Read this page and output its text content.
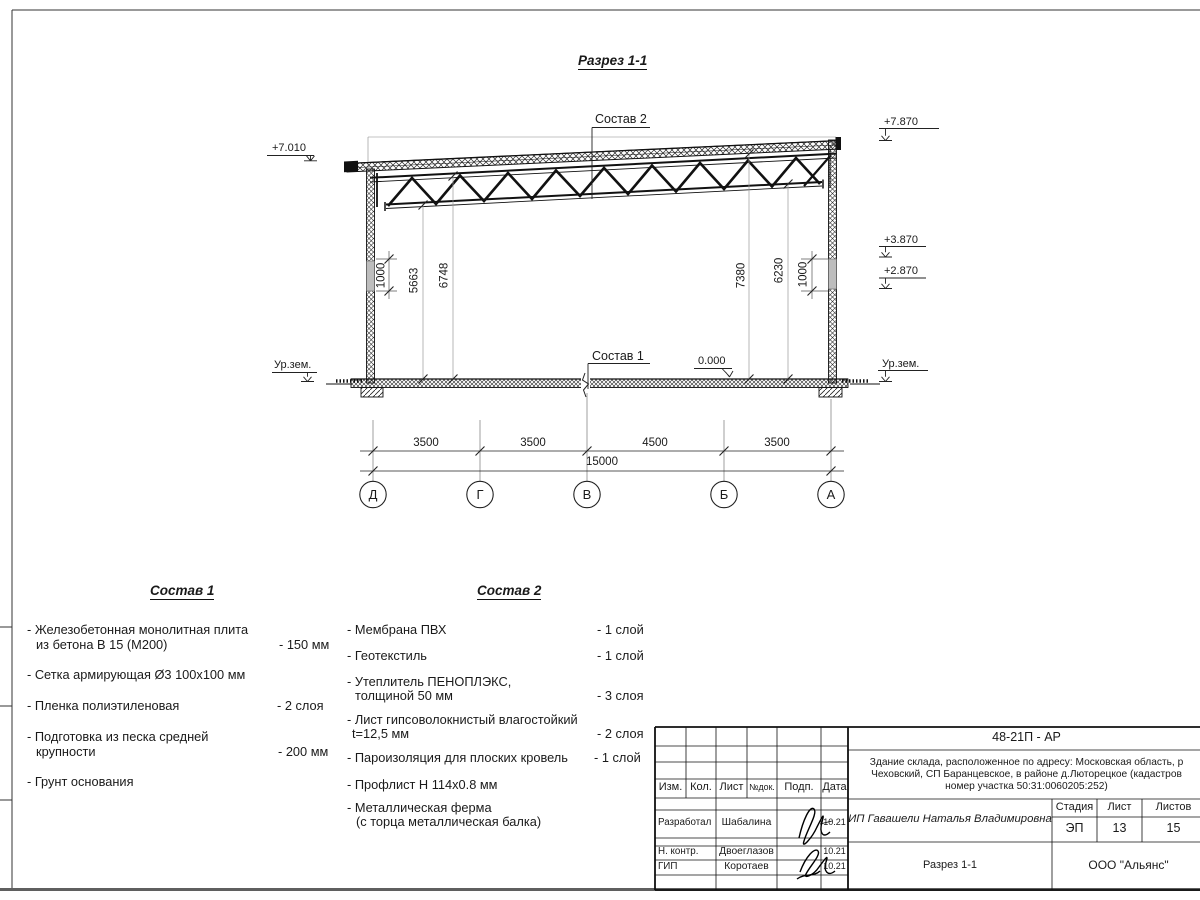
Разрез 1-1
Состав 2
Состав 1
+7.010
+7.870
+3.870
+2.870
Ур.зем.	Ур.зем.
0.000
1000 5663 6748	7380 6230 1000
3500	3500	4500	3500
15000
Д	Г	В	Б	А
Состав 1
- Железобетонная монолитная плита
из бетона В 15 (М200)	- 150 мм
- Сетка армирующая Ø3 100х100 мм
- Пленка полиэтиленовая	- 2 слоя
- Подготовка из песка средней
крупности	- 200 мм
- Грунт основания
Состав 2
- Мембрана ПВХ	- 1 слой
- Геотекстиль	- 1 слой
- Утеплитель ПЕНОПЛЭКС,
толщиной 50 мм	- 3 слоя
- Лист гипсоволокнистый влагостойкий
t=12,5 мм	- 2 слоя
- Пароизоляция для плоских кровель - 1 слой
- Профлист Н 114х0.8 мм
- Металлическая ферма
(с торца металлическая балка)
Изм. Кол. Лист №док. Подп. Дата
Разработал Шабалина	10.21
Н. контр.	Двоеглазов	10.21
ГИП	Коротаев	10.21
48-21П - АР
Здание склада, расположенное по адресу: Московская область, р
Чеховский, СП Баранцевское, в районе д.Люторецкое (кадастров
номер участка 50:31:0060205:252)
ИП Гавашели Наталья Владимировна
Стадия	Лист	Листов
ЭП	13	15
Разрез 1-1	ООО "Альянс"
